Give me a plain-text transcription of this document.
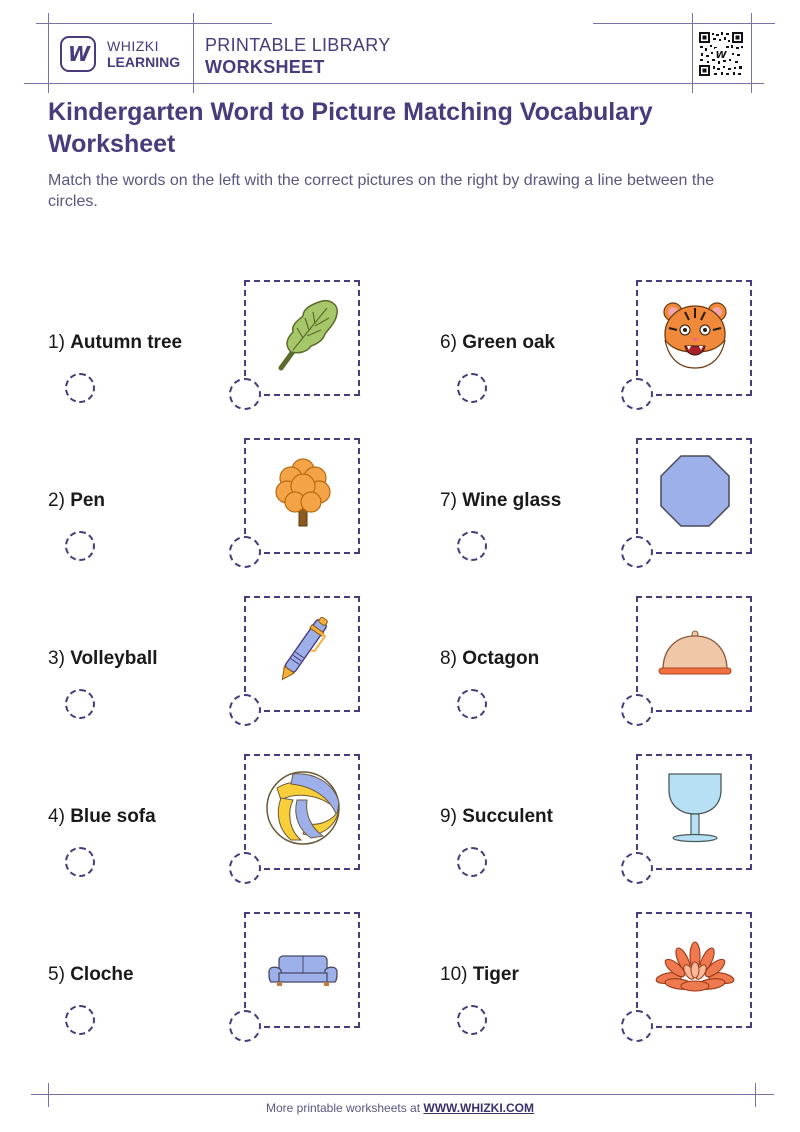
W WHIZKI
LEARNING
PRINTABLE LIBRARY
WORKSHEET
W
Kindergarten Word to Picture Matching Vocabulary Worksheet

Match the words on the left with the correct pictures on the right by drawing a line between the circles.

1) Autumn tree
2) Pen
3) Volleyball
4) Blue sofa
5) Cloche
6) Green oak
7) Wine glass
8) Octagon
9) Succulent
10) Tiger
More printable worksheets at WWW.WHIZKI.COM
